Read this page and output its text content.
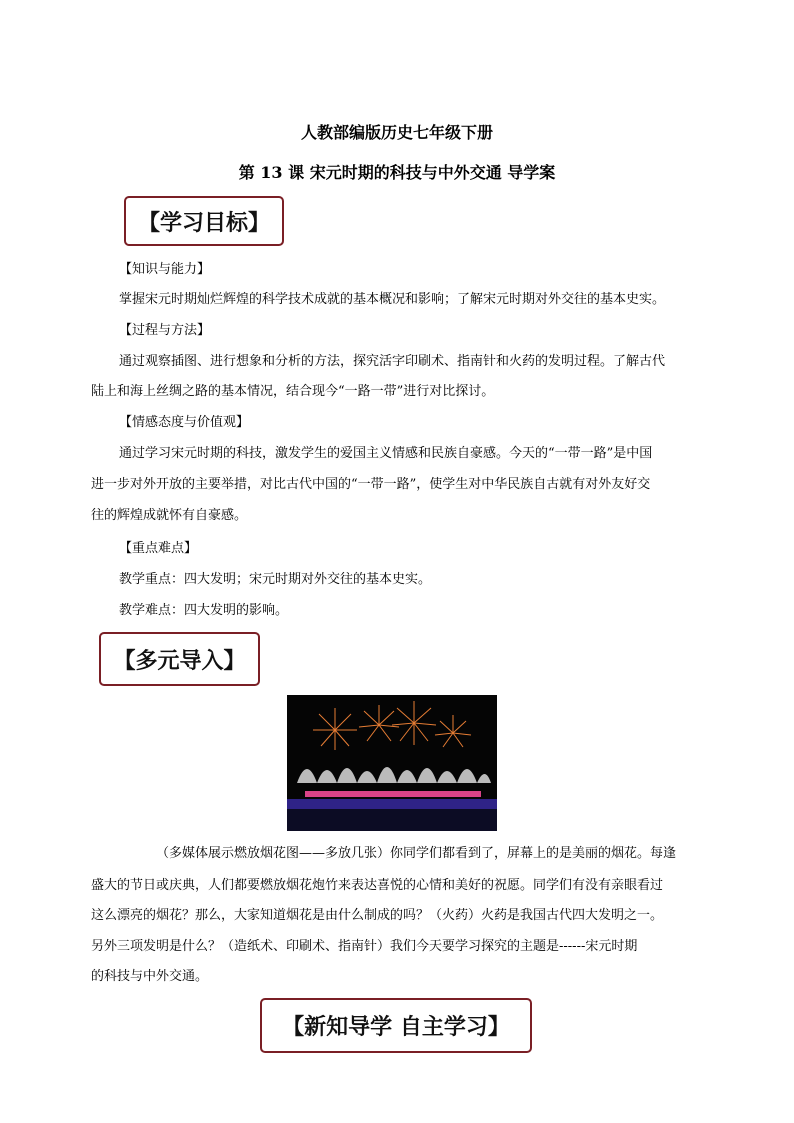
人教部编版历史七年级下册
第 13 课 宋元时期的科技与中外交通 导学案
【学习目标】
【知识与能力】
掌握宋元时期灿烂辉煌的科学技术成就的基本概况和影响；了解宋元时期对外交往的基本史实。
【过程与方法】
通过观察插图、进行想象和分析的方法，探究活字印刷术、指南针和火药的发明过程。了解古代
陆上和海上丝绸之路的基本情况，结合现今“一路一带”进行对比探讨。
【情感态度与价值观】
通过学习宋元时期的科技，激发学生的爱国主义情感和民族自豪感。今天的“一带一路”是中国
进一步对外开放的主要举措，对比古代中国的“一带一路”，使学生对中华民族自古就有对外友好交
往的辉煌成就怀有自豪感。
【重点难点】
教学重点：四大发明；宋元时期对外交往的基本史实。
教学难点：四大发明的影响。
【多元导入】
（多媒体展示燃放烟花图——多放几张）你同学们都看到了，屏幕上的是美丽的烟花。每逢
盛大的节日或庆典，人们都要燃放烟花炮竹来表达喜悦的心情和美好的祝愿。同学们有没有亲眼看过
这么漂亮的烟花？那么，大家知道烟花是由什么制成的吗？（火药）火药是我国古代四大发明之一。
另外三项发明是什么？（造纸术、印刷术、指南针）我们今天要学习探究的主题是------宋元时期
的科技与中外交通。
【新知导学 自主学习】
